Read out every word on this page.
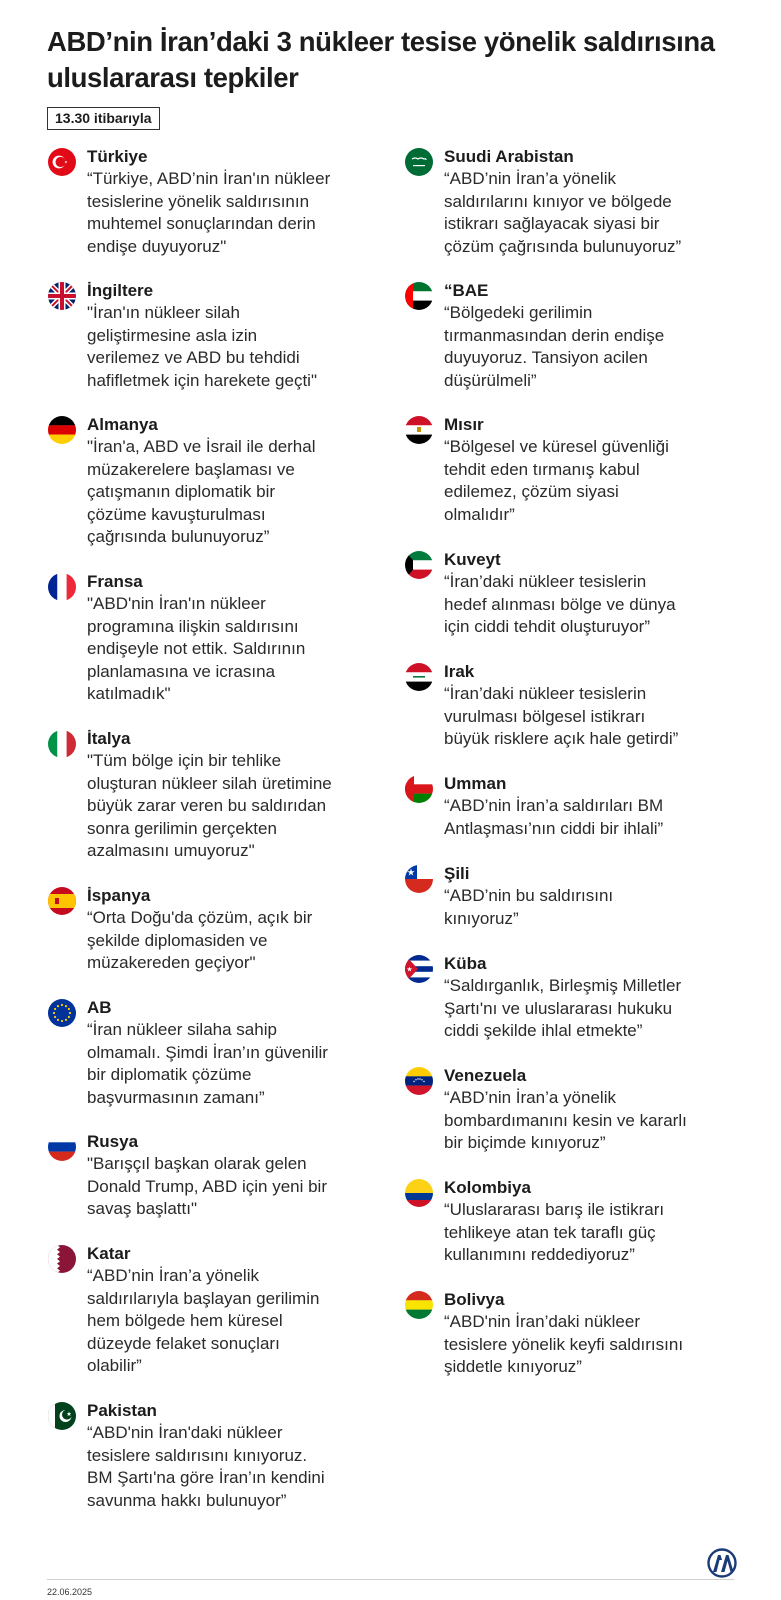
ABD’nin İran’daki 3 nükleer tesise yönelik saldırısına uluslararası tepkiler
13.30 itibarıyla
Türkiye
“Türkiye, ABD’nin İran'ın nükleer
tesislerine yönelik saldırısının
muhtemel sonuçlarından derin
endişe duyuyoruz"
İngiltere
"İran'ın nükleer silah
geliştirmesine asla izin
verilemez ve ABD bu tehdidi
hafifletmek için harekete geçti"
Almanya
"İran'a, ABD ve İsrail ile derhal
müzakerelere başlaması ve
çatışmanın diplomatik bir
çözüme kavuşturulması
çağrısında bulunuyoruz”
Fransa
"ABD'nin İran'ın nükleer
programına ilişkin saldırısını
endişeyle not ettik. Saldırının
planlamasına ve icrasına
katılmadık"
İtalya
"Tüm bölge için bir tehlike
oluşturan nükleer silah üretimine
büyük zarar veren bu saldırıdan
sonra gerilimin gerçekten
azalmasını umuyoruz"
İspanya
“Orta Doğu'da çözüm, açık bir
şekilde diplomasiden ve
müzakereden geçiyor"
AB
“İran nükleer silaha sahip
olmamalı. Şimdi İran’ın güvenilir
bir diplomatik çözüme
başvurmasının zamanı”
Rusya
"Barışçıl başkan olarak gelen
Donald Trump, ABD için yeni bir
savaş başlattı"
Katar
“ABD’nin İran’a yönelik
saldırılarıyla başlayan gerilimin
hem bölgede hem küresel
düzeyde felaket sonuçları
olabilir”
Pakistan
“ABD'nin İran'daki nükleer
tesislere saldırısını kınıyoruz.
BM Şartı'na göre İran’ın kendini
savunma hakkı bulunuyor”
Suudi Arabistan
“ABD’nin İran’a yönelik
saldırılarını kınıyor ve bölgede
istikrarı sağlayacak siyasi bir
çözüm çağrısında bulunuyoruz”
“BAE
“Bölgedeki gerilimin
tırmanmasından derin endişe
duyuyoruz. Tansiyon acilen
düşürülmeli”
Mısır
“Bölgesel ve küresel güvenliği
tehdit eden tırmanış kabul
edilemez, çözüm siyasi
olmalıdır”
Kuveyt
“İran’daki nükleer tesislerin
hedef alınması bölge ve dünya
için ciddi tehdit oluşturuyor”
Irak
“İran’daki nükleer tesislerin
vurulması bölgesel istikrarı
büyük risklere açık hale getirdi”
Umman
“ABD’nin İran’a saldırıları BM
Antlaşması’nın ciddi bir ihlali”
Şili
“ABD’nin bu saldırısını
kınıyoruz”
Küba
“Saldırganlık, Birleşmiş Milletler
Şartı'nı ve uluslararası hukuku
ciddi şekilde ihlal etmekte”
Venezuela
“ABD’nin İran’a yönelik
bombardımanını kesin ve kararlı
bir biçimde kınıyoruz”
Kolombiya
“Uluslararası barış ile istikrarı
tehlikeye atan tek taraflı güç
kullanımını reddediyoruz”
Bolivya
“ABD'nin İran’daki nükleer
tesislere yönelik keyfi saldırısını
şiddetle kınıyoruz”
22.06.2025
